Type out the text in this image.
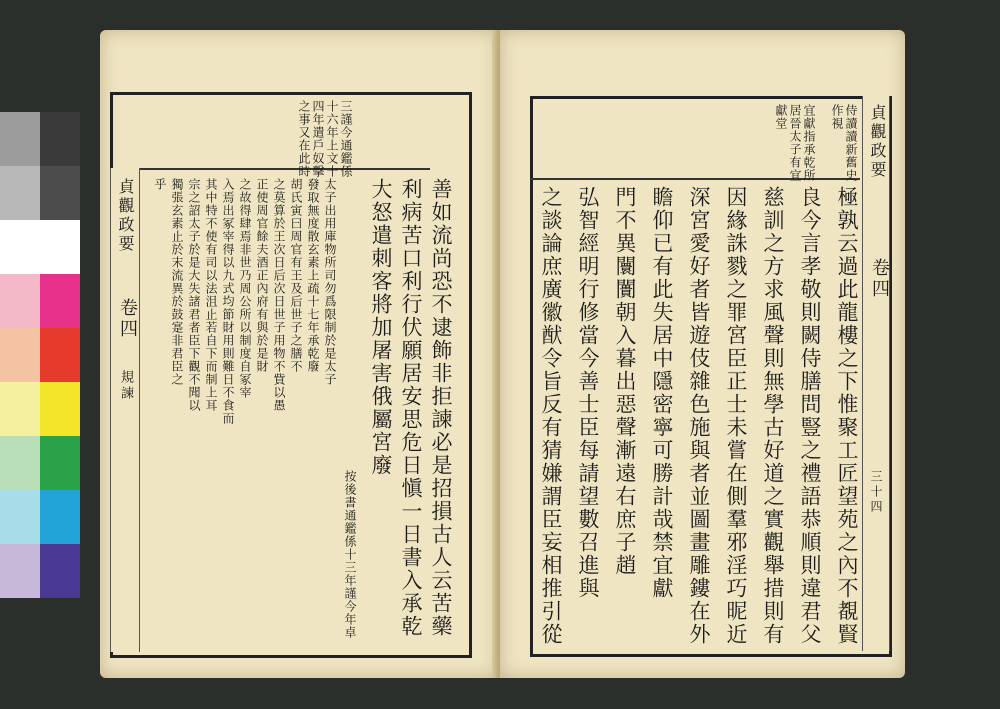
貞觀政要
卷四
規諫
三謹今通鑑係
十六年上文十
四年遣戶奴擊
之事又在此時
善如流尚恐不逮飾非拒諫必是招損古人云苦藥
利病苦口利行伏願居安思危日愼一日書入承乾
大怒遣刺客將加屠害俄屬宮廢
太子出用庫物所司勿爲限制於是太子
發取無度散玄素上疏十七年承乾廢
胡氏寅曰周官有王及后世子之膳不
之莫算於王次日后次日世子用物不貲以愚
正使周官餘夫酒正內府有與於是財
之故得肆焉非世乃周公所以制度自冢宰
入焉出冢宰得以九式均節財用則難日不食而
其中特不使有司以法沮止若自下而制上耳
宗之詔太子於是大失諸君者臣下觀不聞以
獨張玄素止於末流異於鼓寔非君臣之
乎
按後書通鑑係十三年謹今年卓
貞觀政要
卷四
三十四
侍讀讀新舊史
作視
宜獻指承乾所
居晉太子有宜
獻堂
極孰云過此龍樓之下惟聚工匠望苑之內不覩賢
良今言孝敬則闕侍膳問豎之禮語恭順則違君父
慈訓之方求風聲則無學古好道之實觀舉措則有
因緣誅戮之罪宮臣正士未嘗在側羣邪淫巧昵近
深宮愛好者皆遊伎雜色施與者並圖畫雕鏤在外
瞻仰已有此失居中隱密寧可勝計哉禁宜獻
門不異闤闠朝入暮出惡聲漸遠右庶子趙
弘智經明行修當今善士臣每請望數召進與
之談論庶廣徽猷令旨反有猜嫌謂臣妄相推引從
